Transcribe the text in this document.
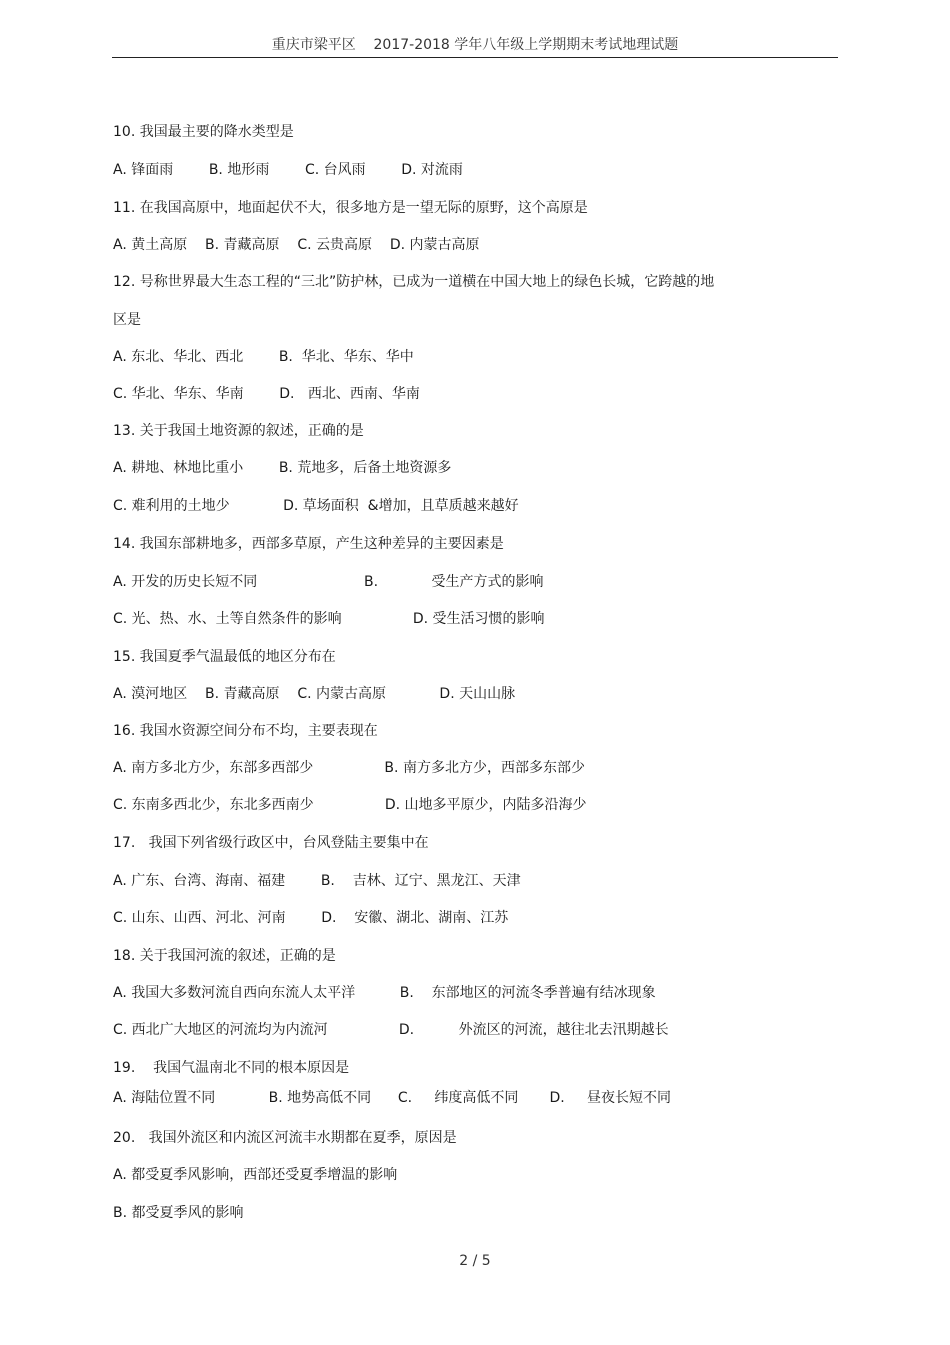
重庆市梁平区    2017-2018 学年八年级上学期期末考试地理试题
10. 我国最主要的降水类型是
A. 锋面雨        B. 地形雨        C. 台风雨        D. 对流雨
11. 在我国高原中，地面起伏不大，很多地方是一望无际的原野，这个高原是
A. 黄土高原    B. 青藏高原    C. 云贵高原    D. 内蒙古高原
12. 号称世界最大生态工程的“三北”防护林，已成为一道横在中国大地上的绿色长城，它跨越的地
区是
A. 东北、华北、西北        B.  华北、华东、华中
C. 华北、华东、华南        D.   西北、西南、华南
13. 关于我国土地资源的叙述，正确的是
A. 耕地、林地比重小        B. 荒地多，后备土地资源多
C. 难利用的土地少            D. 草场面积  &增加，且草质越来越好
14. 我国东部耕地多，西部多草原，产生这种差异的主要因素是
A. 开发的历史长短不同                        B.            受生产方式的影响
C. 光、热、水、土等自然条件的影响                D. 受生活习惯的影响
15. 我国夏季气温最低的地区分布在
A. 漠河地区    B. 青藏高原    C. 内蒙古高原            D. 天山山脉
16. 我国水资源空间分布不均，主要表现在
A. 南方多北方少，东部多西部少                B. 南方多北方少，西部多东部少
C. 东南多西北少，东北多西南少                D. 山地多平原少，内陆多沿海少
17.   我国下列省级行政区中，台风登陆主要集中在
A. 广东、台湾、海南、福建        B.    吉林、辽宁、黑龙江、天津
C. 山东、山西、河北、河南        D.    安徽、湖北、湖南、江苏
18. 关于我国河流的叙述，正确的是
A. 我国大多数河流自西向东流人太平洋          B.    东部地区的河流冬季普遍有结冰现象
C. 西北广大地区的河流均为内流河                D.          外流区的河流，越往北去汛期越长
19.    我国气温南北不同的根本原因是
A. 海陆位置不同            B. 地势高低不同      C.     纬度高低不同       D.     昼夜长短不同
20.   我国外流区和内流区河流丰水期都在夏季，原因是
A. 都受夏季风影响，西部还受夏季增温的影响
B. 都受夏季风的影响
2 / 5
